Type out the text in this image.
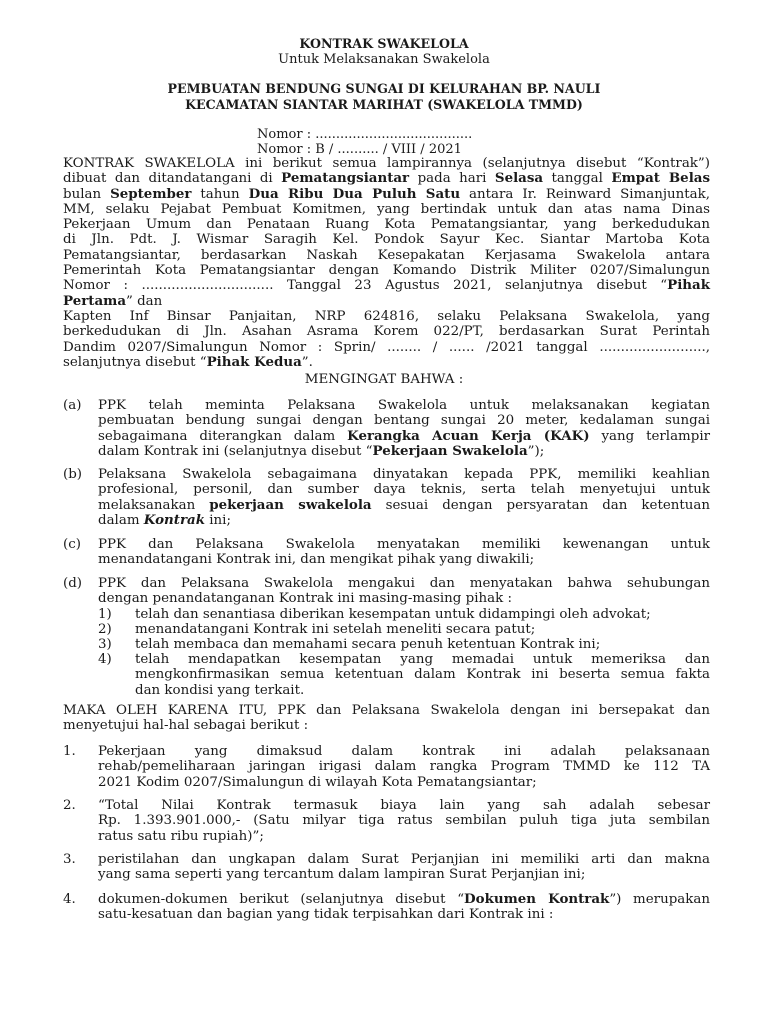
KONTRAK SWAKELOLA
Untuk Melaksanakan Swakelola
PEMBUATAN BENDUNG SUNGAI DI KELURAHAN BP. NAULI
KECAMATAN SIANTAR MARIHAT (SWAKELOLA TMMD)
Nomor : ......................................
Nomor : B / .......... / VIII / 2021
KONTRAK SWAKELOLA ini berikut semua lampirannya (selanjutnya disebut “Kontrak”)
dibuat dan ditandatangani di Pematangsiantar pada hari Selasa tanggal Empat Belas
bulan September tahun Dua Ribu Dua Puluh Satu antara Ir. Reinward Simanjuntak,
MM, selaku Pejabat Pembuat Komitmen, yang bertindak untuk dan atas nama Dinas
Pekerjaan Umum dan Penataan Ruang Kota Pematangsiantar, yang berkedudukan
di Jln. Pdt. J. Wismar Saragih Kel. Pondok Sayur Kec. Siantar Martoba Kota
Pematangsiantar, berdasarkan Naskah Kesepakatan Kerjasama Swakelola antara
Pemerintah Kota Pematangsiantar dengan Komando Distrik Militer 0207/Simalungun
Nomor : ............................... Tanggal 23 Agustus 2021, selanjutnya disebut “Pihak
Pertama” dan
Kapten Inf Binsar Panjaitan, NRP 624816, selaku Pelaksana Swakelola, yang
berkedudukan di Jln. Asahan Asrama Korem 022/PT, berdasarkan Surat Perintah
Dandim 0207/Simalungun Nomor : Sprin/ ........ / ...... /2021 tanggal .........................,
selanjutnya disebut “Pihak Kedua”.
MENGINGAT BAHWA :
(a) PPK telah meminta Pelaksana Swakelola untuk melaksanakan kegiatan
pembuatan bendung sungai dengan bentang sungai 20 meter, kedalaman sungai
sebagaimana diterangkan dalam Kerangka Acuan Kerja (KAK) yang terlampir
dalam Kontrak ini (selanjutnya disebut “Pekerjaan Swakelola”);
(b) Pelaksana Swakelola sebagaimana dinyatakan kepada PPK, memiliki keahlian
profesional, personil, dan sumber daya teknis, serta telah menyetujui untuk
melaksanakan pekerjaan swakelola sesuai dengan persyaratan dan ketentuan
dalam Kontrak ini;
(c) PPK dan Pelaksana Swakelola menyatakan memiliki kewenangan untuk
menandatangani Kontrak ini, dan mengikat pihak yang diwakili;
(d) PPK dan Pelaksana Swakelola mengakui dan menyatakan bahwa sehubungan
dengan penandatanganan Kontrak ini masing-masing pihak :
1) telah dan senantiasa diberikan kesempatan untuk didampingi oleh advokat;
2) menandatangani Kontrak ini setelah meneliti secara patut;
3) telah membaca dan memahami secara penuh ketentuan Kontrak ini;
4) telah mendapatkan kesempatan yang memadai untuk memeriksa dan
mengkonfirmasikan semua ketentuan dalam Kontrak ini beserta semua fakta
dan kondisi yang terkait.
MAKA OLEH KARENA ITU, PPK dan Pelaksana Swakelola dengan ini bersepakat dan
menyetujui hal-hal sebagai berikut :
1. Pekerjaan yang dimaksud dalam kontrak ini adalah pelaksanaan
rehab/pemeliharaan jaringan irigasi dalam rangka Program TMMD ke 112 TA
2021 Kodim 0207/Simalungun di wilayah Kota Pematangsiantar;
2. “Total Nilai Kontrak termasuk biaya lain yang sah adalah sebesar
Rp. 1.393.901.000,- (Satu milyar tiga ratus sembilan puluh tiga juta sembilan
ratus satu ribu rupiah)”;
3. peristilahan dan ungkapan dalam Surat Perjanjian ini memiliki arti dan makna
yang sama seperti yang tercantum dalam lampiran Surat Perjanjian ini;
4. dokumen-dokumen berikut (selanjutnya disebut “Dokumen Kontrak”) merupakan
satu-kesatuan dan bagian yang tidak terpisahkan dari Kontrak ini :
